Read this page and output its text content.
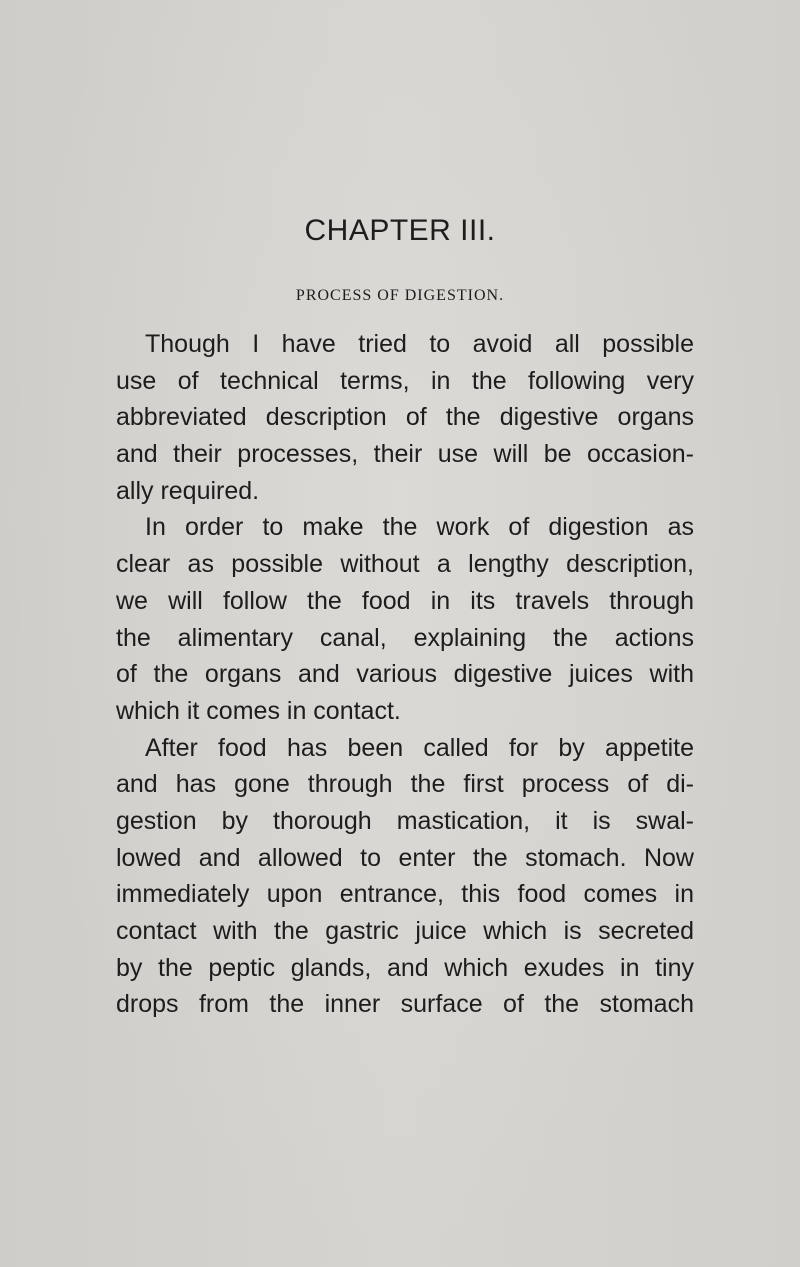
CHAPTER III.
PROCESS OF DIGESTION.
Though I have tried to avoid all possible
use of technical terms, in the following very
abbreviated description of the digestive organs
and their processes, their use will be occasion-
ally required.
In order to make the work of digestion as
clear as possible without a lengthy description,
we will follow the food in its travels through
the alimentary canal, explaining the actions
of the organs and various digestive juices with
which it comes in contact.
After food has been called for by appetite
and has gone through the first process of di-
gestion by thorough mastication, it is swal-
lowed and allowed to enter the stomach. Now
immediately upon entrance, this food comes in
contact with the gastric juice which is secreted
by the peptic glands, and which exudes in tiny
drops from the inner surface of the stomach
